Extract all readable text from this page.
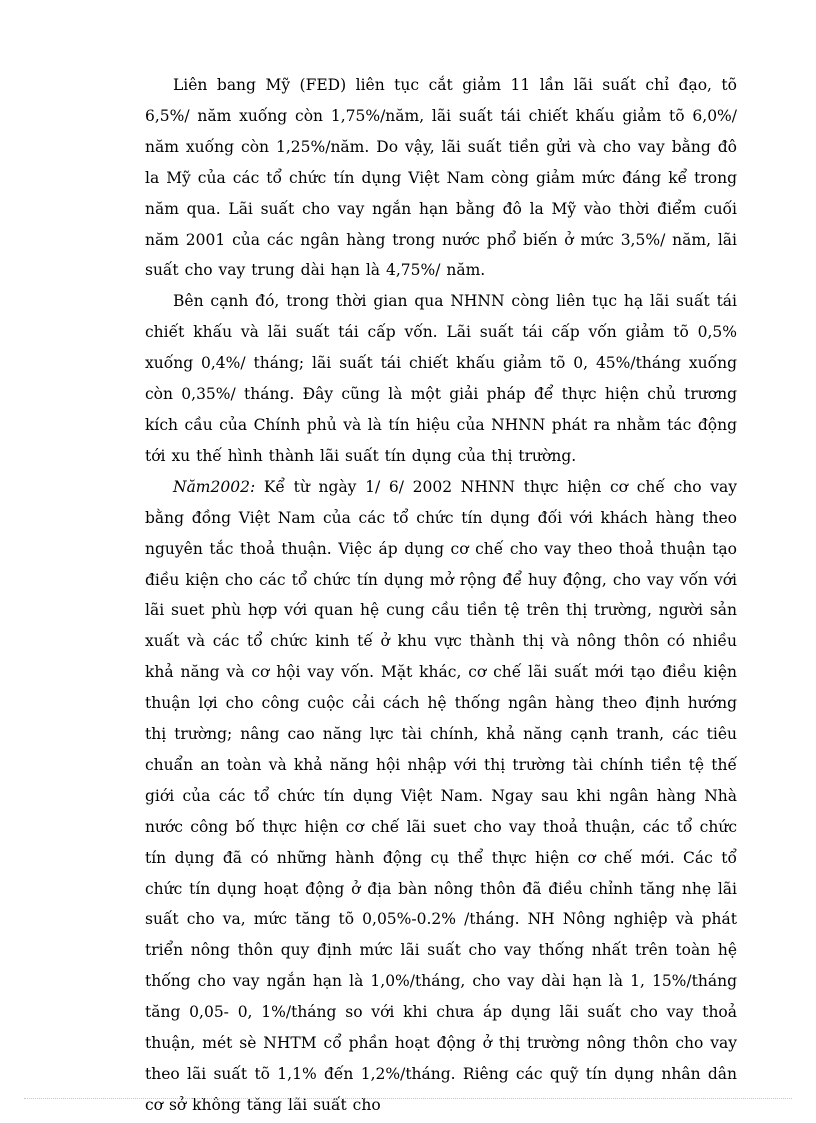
Liên bang Mỹ (FED) liên tục cắt giảm 11 lần lãi suất chỉ đạo, tõ 6,5%/ năm xuống còn 1,75%/năm, lãi suất tái chiết khấu giảm tõ 6,0%/ năm xuống còn 1,25%/năm. Do vậy, lãi suất tiền gửi và cho vay bằng đô la Mỹ của các tổ chức tín dụng Việt Nam còng giảm mức đáng kể trong năm qua. Lãi suất cho vay ngắn hạn bằng đô la Mỹ vào thời điểm cuối năm 2001 của các ngân hàng trong nước phổ biến ở mức 3,5%/ năm, lãi suất cho vay trung dài hạn là 4,75%/ năm.

Bên cạnh đó, trong thời gian qua NHNN còng liên tục hạ lãi suất tái chiết khấu và lãi suất tái cấp vốn. Lãi suất tái cấp vốn giảm tõ 0,5% xuống 0,4%/ tháng; lãi suất tái chiết khấu giảm tõ 0, 45%/tháng xuống còn 0,35%/ tháng. Đây cũng là một giải pháp để thực hiện chủ trương kích cầu của Chính phủ và là tín hiệu của NHNN phát ra nhằm tác động tới xu thế hình thành lãi suất tín dụng của thị trường.

Năm2002: Kể từ ngày 1/ 6/ 2002 NHNN thực hiện cơ chế cho vay bằng đồng Việt Nam của các tổ chức tín dụng đối với khách hàng theo nguyên tắc thoả thuận. Việc áp dụng cơ chế cho vay theo thoả thuận tạo điều kiện cho các tổ chức tín dụng mở rộng để huy động, cho vay vốn với lãi suet phù hợp với quan hệ cung cầu tiền tệ trên thị trường, người sản xuất và các tổ chức kinh tế ở khu vực thành thị và nông thôn có nhiều khả năng và cơ hội vay vốn. Mặt khác, cơ chế lãi suất mới tạo điều kiện thuận lợi cho công cuộc cải cách hệ thống ngân hàng theo định hướng thị trường; nâng cao năng lực tài chính, khả năng cạnh tranh, các tiêu chuẩn an toàn và khả năng hội nhập với thị trường tài chính tiền tệ thế giới của các tổ chức tín dụng Việt Nam. Ngay sau khi ngân hàng Nhà nước công bố thực hiện cơ chế lãi suet cho vay thoả thuận, các tổ chức tín dụng đã có những hành động cụ thể thực hiện cơ chế mới. Các tổ chức tín dụng hoạt động ở địa bàn nông thôn đã điều chỉnh tăng nhẹ lãi suất cho va, mức tăng tõ 0,05%-0.2% /tháng. NH Nông nghiệp và phát triển nông thôn quy định mức lãi suất cho vay thống nhất trên toàn hệ thống cho vay ngắn hạn là 1,0%/tháng, cho vay dài hạn là 1, 15%/tháng tăng 0,05- 0, 1%/tháng so với khi chưa áp dụng lãi suất cho vay thoả thuận, mét sè NHTM cổ phần hoạt động ở thị trường nông thôn cho vay theo lãi suất tõ 1,1% đến 1,2%/tháng. Riêng các quỹ tín dụng nhân dân cơ sở không tăng lãi suất cho
